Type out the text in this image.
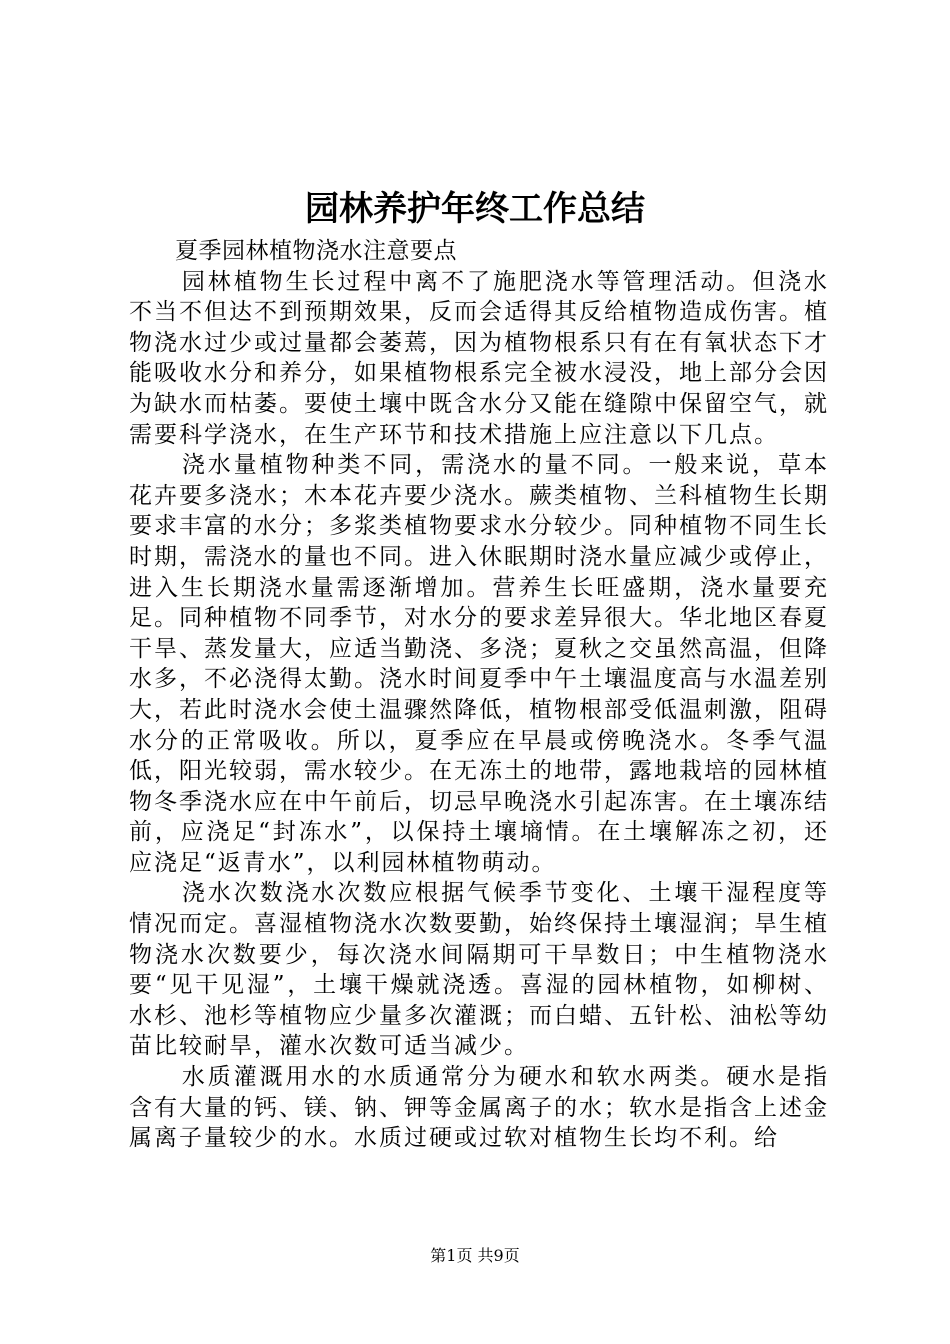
园林养护年终工作总结

夏季园林植物浇水注意要点

园林植物生长过程中离不了施肥浇水等管理活动。但浇水不当不但达不到预期效果，反而会适得其反给植物造成伤害。植物浇水过少或过量都会萎蔫，因为植物根系只有在有氧状态下才能吸收水分和养分，如果植物根系完全被水浸没，地上部分会因为缺水而枯萎。要使土壤中既含水分又能在缝隙中保留空气，就需要科学浇水，在生产环节和技术措施上应注意以下几点。

浇水量植物种类不同，需浇水的量不同。一般来说，草本花卉要多浇水；木本花卉要少浇水。蕨类植物、兰科植物生长期要求丰富的水分；多浆类植物要求水分较少。同种植物不同生长时期，需浇水的量也不同。进入休眠期时浇水量应减少或停止，进入生长期浇水量需逐渐增加。营养生长旺盛期，浇水量要充足。同种植物不同季节，对水分的要求差异很大。华北地区春夏干旱、蒸发量大，应适当勤浇、多浇；夏秋之交虽然高温，但降水多，不必浇得太勤。浇水时间夏季中午土壤温度高与水温差别大，若此时浇水会使土温骤然降低，植物根部受低温刺激，阻碍水分的正常吸收。所以，夏季应在早晨或傍晚浇水。冬季气温低，阳光较弱，需水较少。在无冻土的地带，露地栽培的园林植物冬季浇水应在中午前后，切忌早晚浇水引起冻害。在土壤冻结前，应浇足“封冻水”，以保持土壤墒情。在土壤解冻之初，还应浇足“返青水”，以利园林植物萌动。

浇水次数浇水次数应根据气候季节变化、土壤干湿程度等情况而定。喜湿植物浇水次数要勤，始终保持土壤湿润；旱生植物浇水次数要少，每次浇水间隔期可干旱数日；中生植物浇水要“见干见湿”，土壤干燥就浇透。喜湿的园林植物，如柳树、水杉、池杉等植物应少量多次灌溉；而白蜡、五针松、油松等幼苗比较耐旱，灌水次数可适当减少。

水质灌溉用水的水质通常分为硬水和软水两类。硬水是指含有大量的钙、镁、钠、钾等金属离子的水；软水是指含上述金属离子量较少的水。水质过硬或过软对植物生长均不利。给

第1页 共9页
